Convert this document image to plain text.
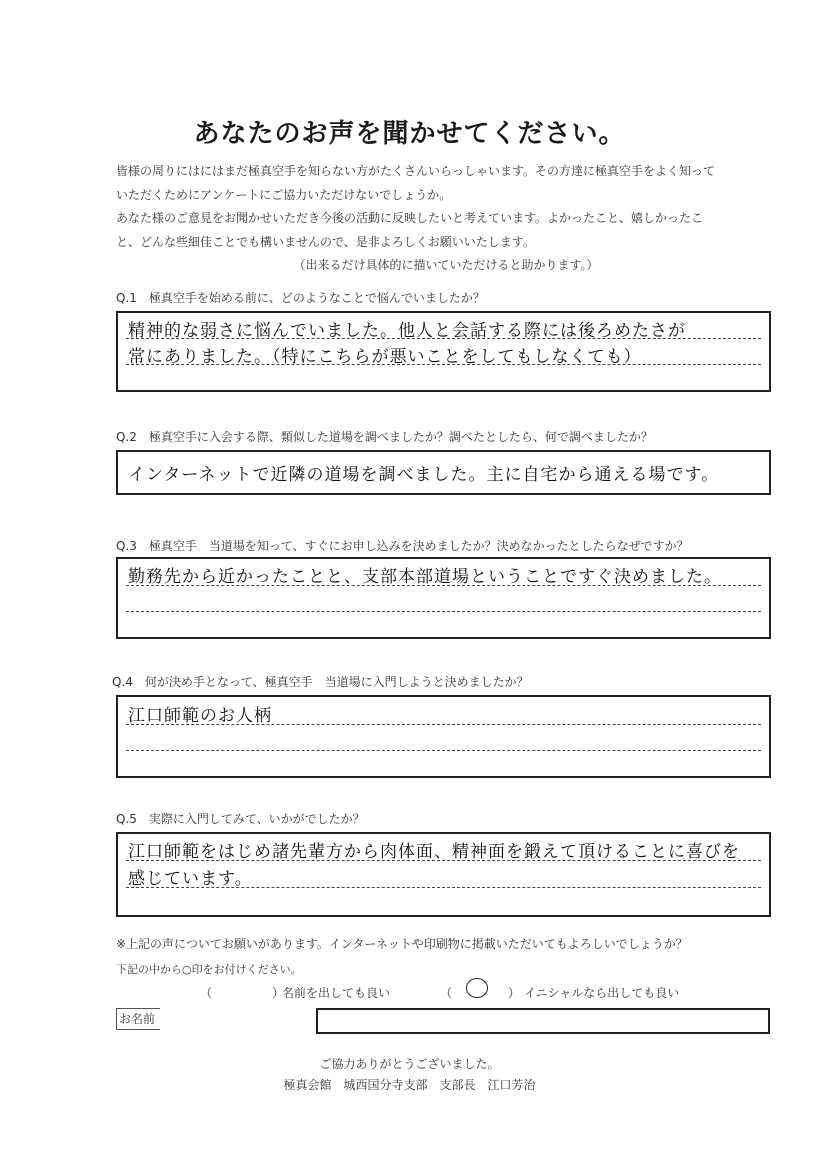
あなたのお声を聞かせてください。

皆様の周りにはにはまだ極真空手を知らない方がたくさんいらっしゃいます。その方達に極真空手をよく知って

いただくためにアンケートにご協力いただけないでしょうか。

あなた様のご意見をお聞かせいただき今後の活動に反映したいと考えています。よかったこと、嬉しかったこ

と、どんな些細佳ことでも構いませんので、是非よろしくお願いいたします。

（出来るだけ具体的に描いていただけると助かります。）

Q.1　極真空手を始める前に、どのようなことで悩んでいましたか？
精神的な弱さに悩んでいました。他人と会話する際には後ろめたさが
常にありました。（特にこちらが悪いことをしてもしなくても）
Q.2　極真空手に入会する際、類似した道場を調べましたか？調べたとしたら、何で調べましたか？
インターネットで近隣の道場を調べました。主に自宅から通える場です。
Q.3　極真空手　当道場を知って、すぐにお申し込みを決めましたか？決めなかったとしたらなぜですか？
勤務先から近かったことと、支部本部道場ということですぐ決めました。
Q.4　何が決め手となって、極真空手　当道場に入門しようと決めましたか？
江口師範のお人柄
Q.5　実際に入門してみて、いかがでしたか？
江口師範をはじめ諸先輩方から肉体面、精神面を鍛えて頂けることに喜びを
感じています。
※上記の声についてお願いがあります。インターネットや印刷物に掲載いただいてもよろしいでしょうか？
下記の中から○印をお付けください。
（　　　　　）
名前を出しても良い	（	） イニシャルなら出しても良い
お名前
ご協力ありがとうございました。
極真会館　城西国分寺支部　支部長　江口芳治
